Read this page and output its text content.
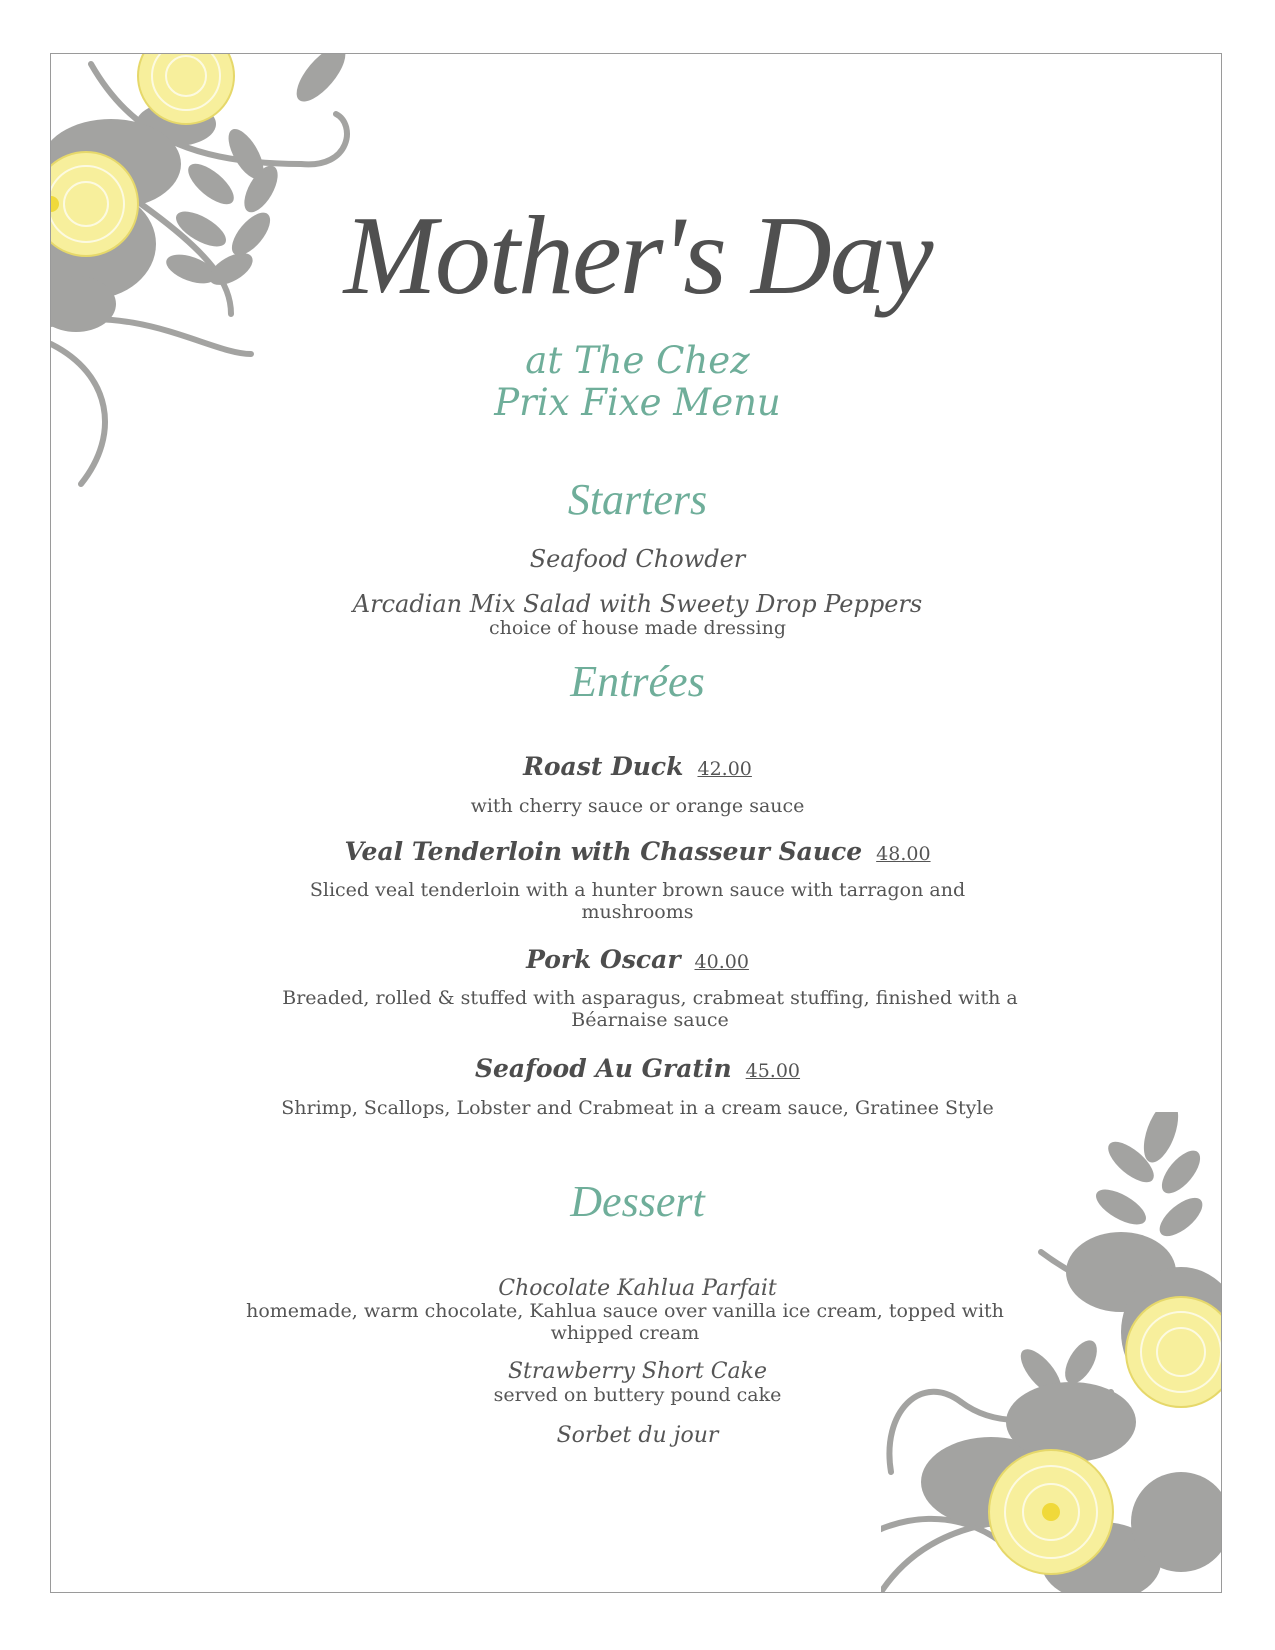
Mother's Day
at The Chez
Prix Fixe Menu
Starters
Seafood Chowder
Arcadian Mix Salad with Sweety Drop Peppers
choice of house made dressing
Entrées
Roast Duck 42.00
with cherry sauce or orange sauce
Veal Tenderloin with Chasseur Sauce 48.00
Sliced veal tenderloin with a hunter brown sauce with tarragon and mushrooms
Pork Oscar 40.00
Breaded, rolled & stuffed with asparagus, crabmeat stuffing, finished with a Béarnaise sauce
Seafood Au Gratin 45.00
Shrimp, Scallops, Lobster and Crabmeat in a cream sauce, Gratinee Style
Dessert
Chocolate Kahlua Parfait
homemade, warm chocolate, Kahlua sauce over vanilla ice cream, topped with whipped cream
Strawberry Short Cake
served on buttery pound cake
Sorbet du jour
